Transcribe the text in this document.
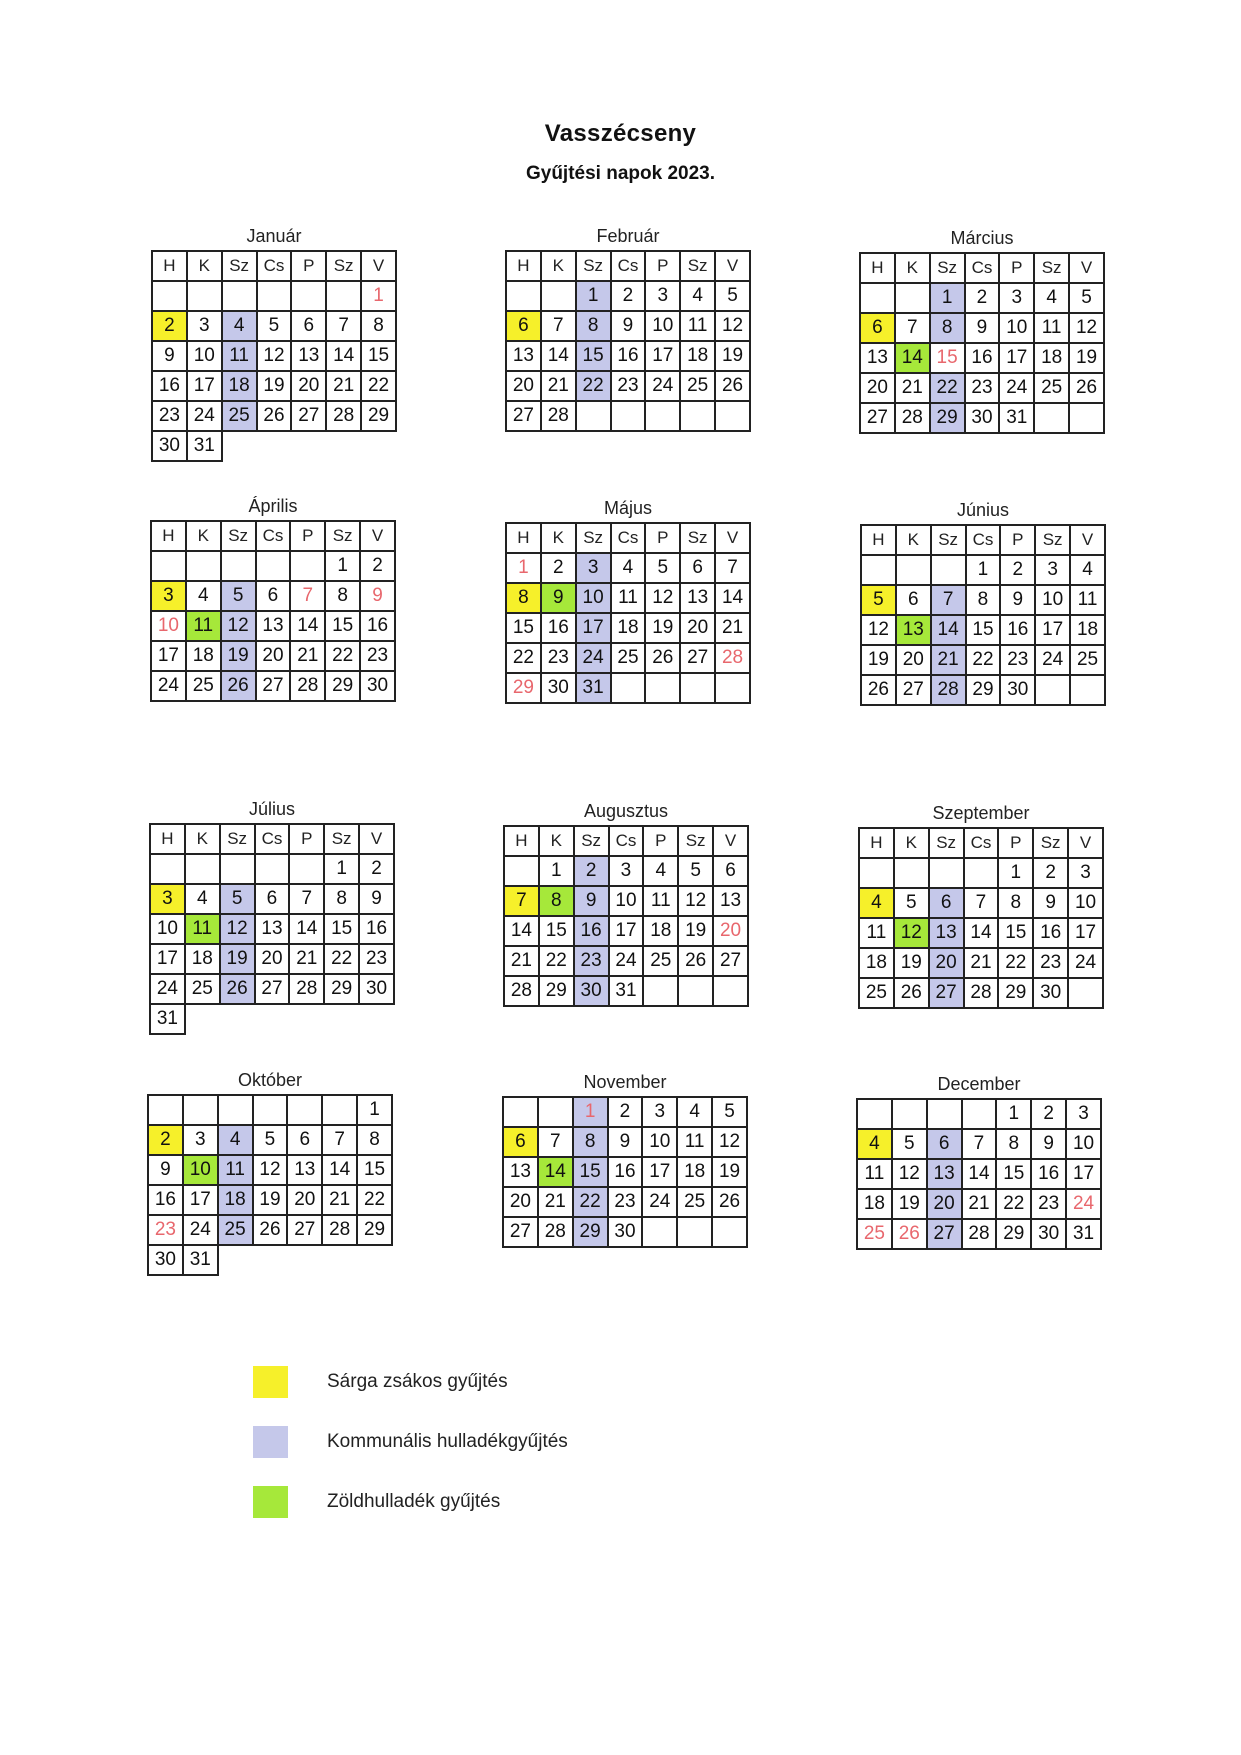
Vasszécseny
Gyűjtési napok 2023.
Január
H	K	Sz	Cs	P	Sz	V
						1
2	3	4	5	6	7	8
9	10	11	12	13	14	15
16	17	18	19	20	21	22
23	24	25	26	27	28	29
30	31					
Február
H	K	Sz	Cs	P	Sz	V
		1	2	3	4	5
6	7	8	9	10	11	12
13	14	15	16	17	18	19
20	21	22	23	24	25	26
27	28					
Március
H	K	Sz	Cs	P	Sz	V
		1	2	3	4	5
6	7	8	9	10	11	12
13	14	15	16	17	18	19
20	21	22	23	24	25	26
27	28	29	30	31		
Április
H	K	Sz	Cs	P	Sz	V
					1	2
3	4	5	6	7	8	9
10	11	12	13	14	15	16
17	18	19	20	21	22	23
24	25	26	27	28	29	30
Május
H	K	Sz	Cs	P	Sz	V
1	2	3	4	5	6	7
8	9	10	11	12	13	14
15	16	17	18	19	20	21
22	23	24	25	26	27	28
29	30	31				
Június
H	K	Sz	Cs	P	Sz	V
			1	2	3	4
5	6	7	8	9	10	11
12	13	14	15	16	17	18
19	20	21	22	23	24	25
26	27	28	29	30		
Július
H	K	Sz	Cs	P	Sz	V
					1	2
3	4	5	6	7	8	9
10	11	12	13	14	15	16
17	18	19	20	21	22	23
24	25	26	27	28	29	30
31						
Augusztus
H	K	Sz	Cs	P	Sz	V
	1	2	3	4	5	6
7	8	9	10	11	12	13
14	15	16	17	18	19	20
21	22	23	24	25	26	27
28	29	30	31			
Szeptember
H	K	Sz	Cs	P	Sz	V
				1	2	3
4	5	6	7	8	9	10
11	12	13	14	15	16	17
18	19	20	21	22	23	24
25	26	27	28	29	30	
Október
						1
2	3	4	5	6	7	8
9	10	11	12	13	14	15
16	17	18	19	20	21	22
23	24	25	26	27	28	29
30	31					
November
		1	2	3	4	5
6	7	8	9	10	11	12
13	14	15	16	17	18	19
20	21	22	23	24	25	26
27	28	29	30			
December
				1	2	3
4	5	6	7	8	9	10
11	12	13	14	15	16	17
18	19	20	21	22	23	24
25	26	27	28	29	30	31
Sárga zsákos gyűjtés
Kommunális hulladékgyűjtés
Zöldhulladék gyűjtés
